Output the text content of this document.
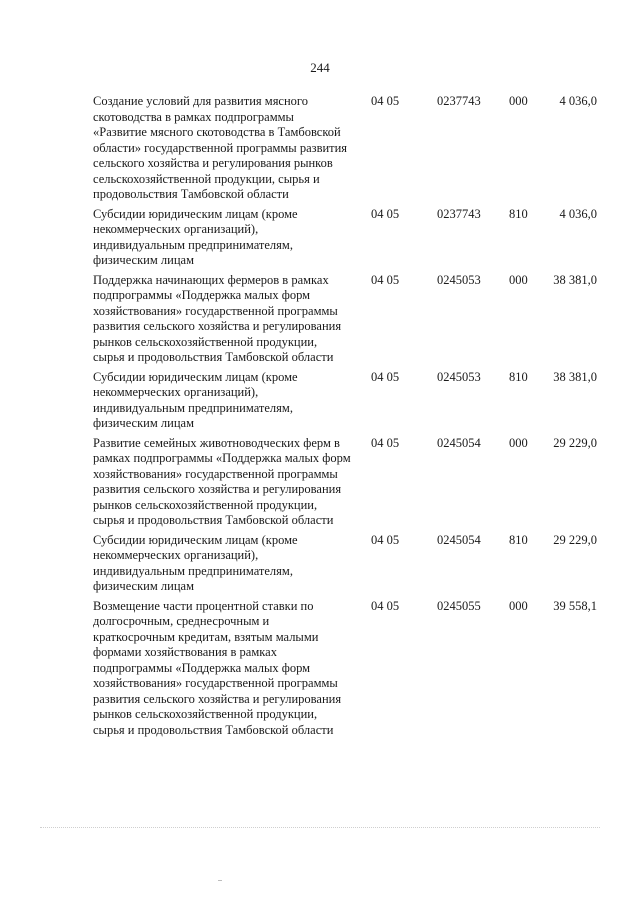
244
Создание условий для развития мясного скотоводства в рамках подпрограммы «Развитие мясного скотоводства в Тамбовской области» государственной программы развития сельского хозяйства и регулирования рынков сельскохозяйственной продукции, сырья и продовольствия Тамбовской области	04 05	0237743	000	4 036,0
Субсидии юридическим лицам (кроме некоммерческих организаций), индивидуальным предпринимателям, физическим лицам	04 05	0237743	810	4 036,0
Поддержка начинающих фермеров в рамках подпрограммы «Поддержка малых форм хозяйствования» государственной программы развития сельского хозяйства и регулирования рынков сельскохозяйственной продукции, сырья и продовольствия Тамбовской области	04 05	0245053	000	38 381,0
Субсидии юридическим лицам (кроме некоммерческих организаций), индивидуальным предпринимателям, физическим лицам	04 05	0245053	810	38 381,0
Развитие семейных животноводческих ферм в рамках подпрограммы «Поддержка малых форм хозяйствования» государственной программы развития сельского хозяйства и регулирования рынков сельскохозяйственной продукции, сырья и продовольствия Тамбовской области	04 05	0245054	000	29 229,0
Субсидии юридическим лицам (кроме некоммерческих организаций), индивидуальным предпринимателям, физическим лицам	04 05	0245054	810	29 229,0
Возмещение части процентной ставки по долгосрочным, среднесрочным и краткосрочным кредитам, взятым малыми формами хозяйствования в рамках подпрограммы «Поддержка малых форм хозяйствования» государственной программы развития сельского хозяйства и регулирования рынков сельскохозяйственной продукции, сырья и продовольствия Тамбовской области	04 05	0245055	000	39 558,1
